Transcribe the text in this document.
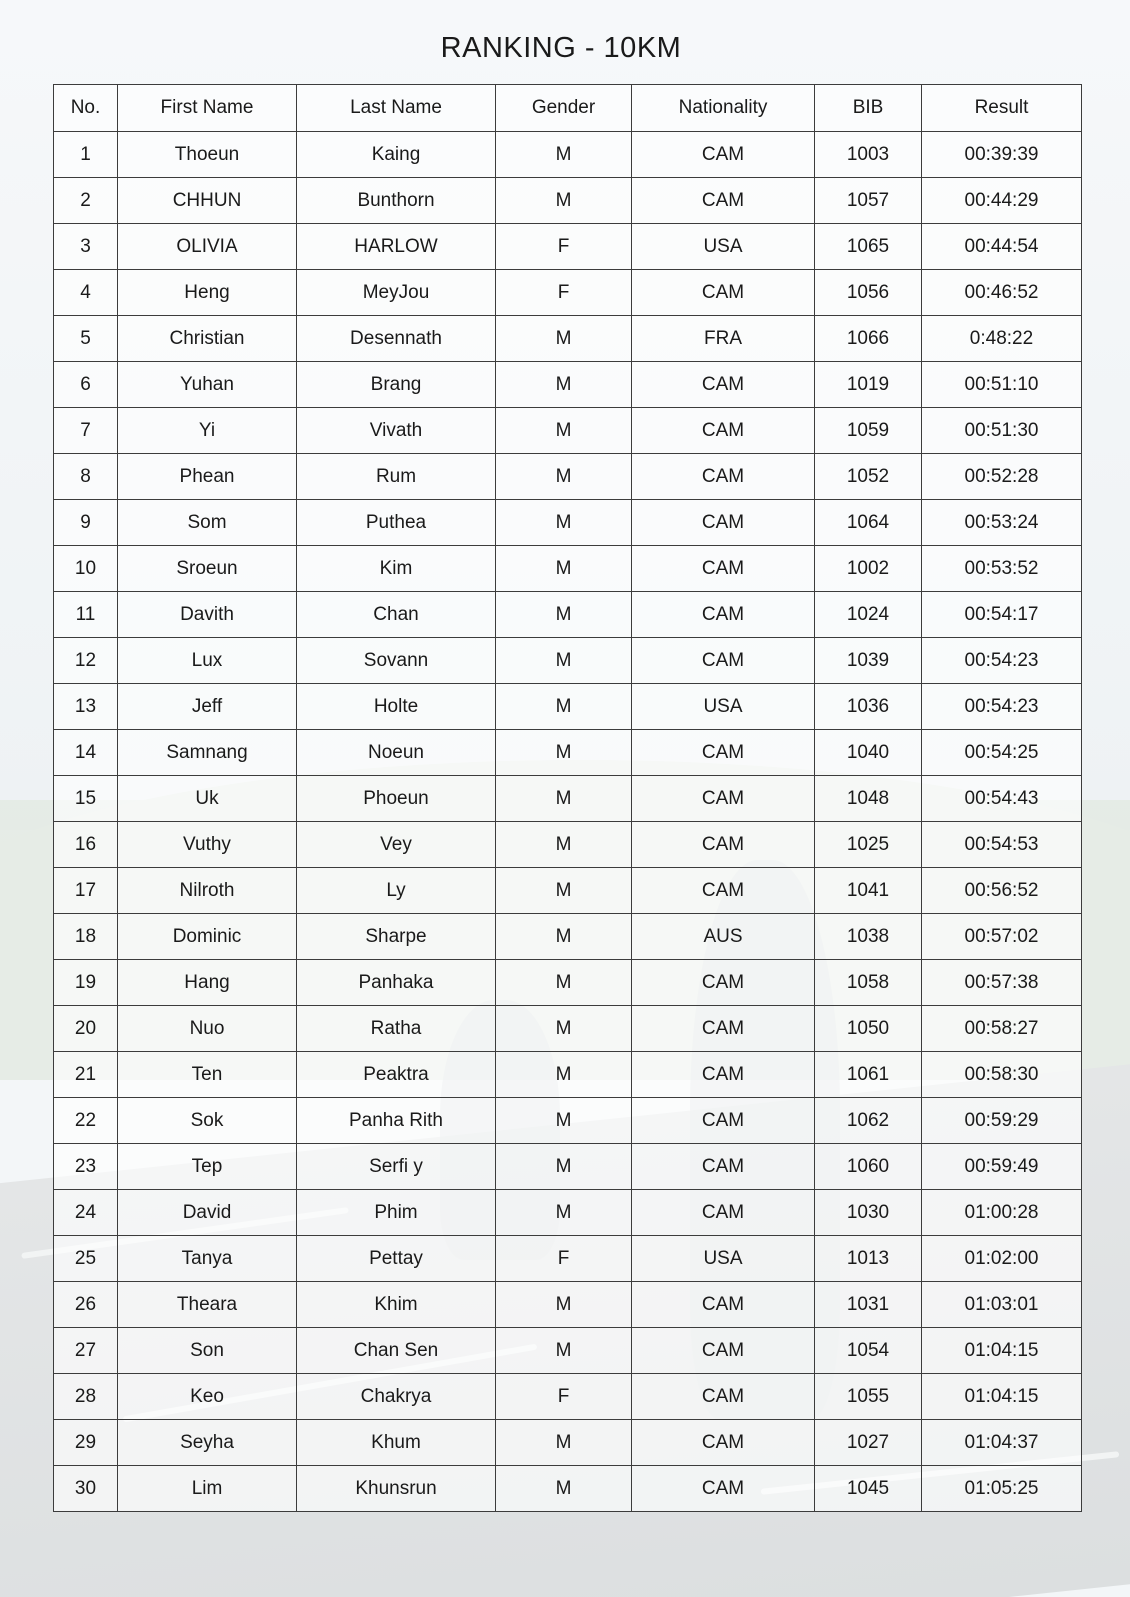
RANKING - 10KM
No.	First Name	Last Name	Gender	Nationality	BIB	Result
1	Thoeun	Kaing	M	CAM	1003	00:39:39
2	CHHUN	Bunthorn	M	CAM	1057	00:44:29
3	OLIVIA	HARLOW	F	USA	1065	00:44:54
4	Heng	MeyJou	F	CAM	1056	00:46:52
5	Christian	Desennath	M	FRA	1066	0:48:22
6	Yuhan	Brang	M	CAM	1019	00:51:10
7	Yi	Vivath	M	CAM	1059	00:51:30
8	Phean	Rum	M	CAM	1052	00:52:28
9	Som	Puthea	M	CAM	1064	00:53:24
10	Sroeun	Kim	M	CAM	1002	00:53:52
11	Davith	Chan	M	CAM	1024	00:54:17
12	Lux	Sovann	M	CAM	1039	00:54:23
13	Jeff	Holte	M	USA	1036	00:54:23
14	Samnang	Noeun	M	CAM	1040	00:54:25
15	Uk	Phoeun	M	CAM	1048	00:54:43
16	Vuthy	Vey	M	CAM	1025	00:54:53
17	Nilroth	Ly	M	CAM	1041	00:56:52
18	Dominic	Sharpe	M	AUS	1038	00:57:02
19	Hang	Panhaka	M	CAM	1058	00:57:38
20	Nuo	Ratha	M	CAM	1050	00:58:27
21	Ten	Peaktra	M	CAM	1061	00:58:30
22	Sok	Panha Rith	M	CAM	1062	00:59:29
23	Tep	Serfi y	M	CAM	1060	00:59:49
24	David	Phim	M	CAM	1030	01:00:28
25	Tanya	Pettay	F	USA	1013	01:02:00
26	Theara	Khim	M	CAM	1031	01:03:01
27	Son	Chan Sen	M	CAM	1054	01:04:15
28	Keo	Chakrya	F	CAM	1055	01:04:15
29	Seyha	Khum	M	CAM	1027	01:04:37
30	Lim	Khunsrun	M	CAM	1045	01:05:25
